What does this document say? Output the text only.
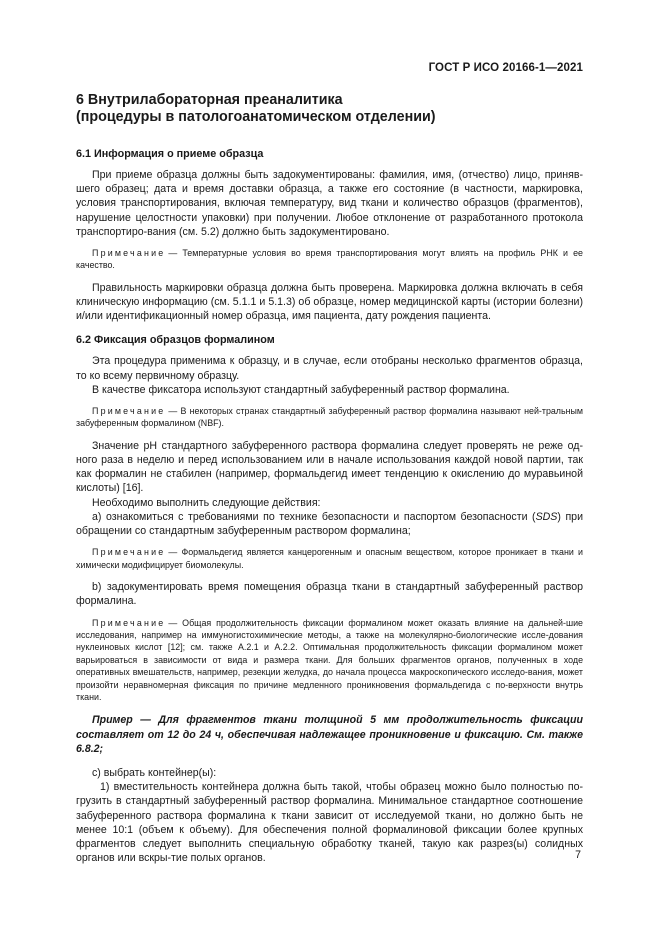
ГОСТ Р ИСО 20166-1—2021
6 Внутрилабораторная преаналитика
(процедуры в патологоанатомическом отделении)
6.1 Информация о приеме образца

При приеме образца должны быть задокументированы: фамилия, имя, (отчество) лицо, приняв-шего образец; дата и время доставки образца, а также его состояние (в частности, маркировка, условия транспортирования, включая температуру, вид ткани и количество образцов (фрагментов), нарушение целостности упаковки) при получении. Любое отклонение от разработанного протокола транспортиро-вания (см. 5.2) должно быть задокументировано.

Примечание — Температурные условия во время транспортирования могут влиять на профиль РНК и ее качество.

Правильность маркировки образца должна быть проверена. Маркировка должна включать в себя клиническую информацию (см. 5.1.1 и 5.1.3) об образце, номер медицинской карты (истории болезни) и/или идентификационный номер образца, имя пациента, дату рождения пациента.

6.2 Фиксация образцов формалином

Эта процедура применима к образцу, и в случае, если отобраны несколько фрагментов образца, то ко всему первичному образцу.

В качестве фиксатора используют стандартный забуференный раствор формалина.

Примечание — В некоторых странах стандартный забуференный раствор формалина называют ней-тральным забуференным формалином (NBF).

Значение pH стандартного забуференного раствора формалина следует проверять не реже од-ного раза в неделю и перед использованием или в начале использования каждой новой партии, так как формалин не стабилен (например, формальдегид имеет тенденцию к окислению до муравьиной кислоты) [16].

Необходимо выполнить следующие действия:

a) ознакомиться с требованиями по технике безопасности и паспортом безопасности (SDS) при обращении со стандартным забуференным раствором формалина;

Примечание — Формальдегид является канцерогенным и опасным веществом, которое проникает в ткани и химически модифицирует биомолекулы.

b) задокументировать время помещения образца ткани в стандартный забуференный раствор формалина.

Примечание — Общая продолжительность фиксации формалином может оказать влияние на дальней-шие исследования, например на иммуногистохимические методы, а также на молекулярно-биологические иссле-дования нуклеиновых кислот [12]; см. также А.2.1 и А.2.2. Оптимальная продолжительность фиксации формалином может варьироваться в зависимости от вида и размера ткани. Для больших фрагментов органов, полученных в ходе оперативных вмешательств, например, резекции желудка, до начала процесса макроскопического исследо-вания, может произойти неравномерная фиксация по причине медленного проникновения формальдегида с по-верхности внутрь ткани.

Пример — Для фрагментов ткани толщиной 5 мм продолжительность фиксации составляет от 12 до 24 ч, обеспечивая надлежащее проникновение и фиксацию. См. также 6.8.2;

c) выбрать контейнер(ы):

1) вместительность контейнера должна быть такой, чтобы образец можно было полностью по-грузить в стандартный забуференный раствор формалина. Минимальное стандартное соотношение забуференного раствора формалина к ткани зависит от исследуемой ткани, но должно быть не менее 10:1 (объем к объему). Для обеспечения полной формалиновой фиксации более крупных фрагментов следует выполнить специальную обработку тканей, такую как разрез(ы) солидных органов или вскры-тие полых органов.	7
